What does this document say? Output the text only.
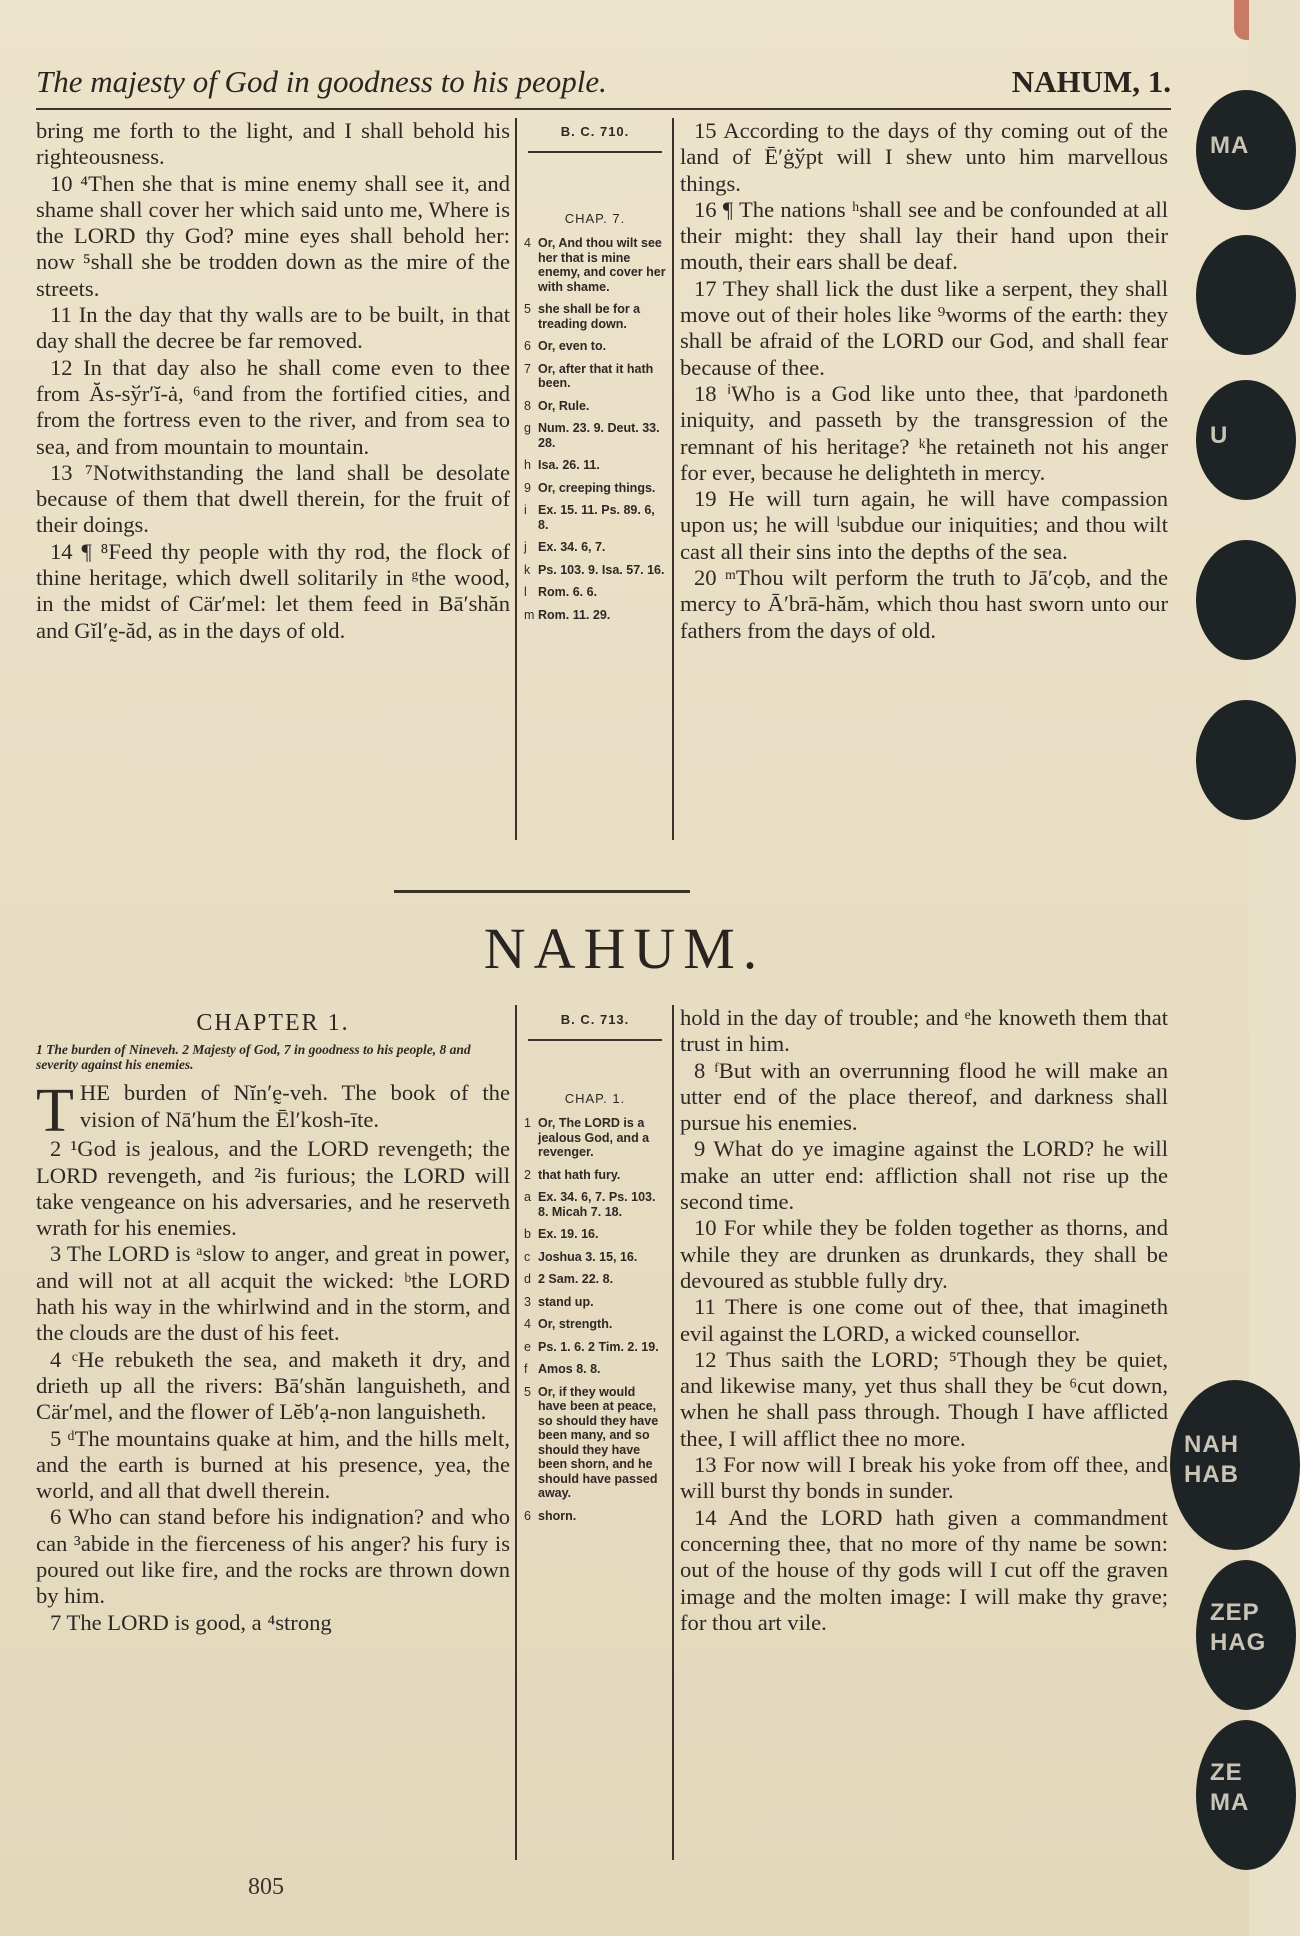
The majesty of God in goodness to his people.	NAHUM, 1.

bring me forth to the light, and I shall behold his righteousness.

10 ⁴Then she that is mine enemy shall see it, and shame shall cover her which said unto me, Where is the LORD thy God? mine eyes shall behold her: now ⁵shall she be trodden down as the mire of the streets.

11 In the day that thy walls are to be built, in that day shall the decree be far removed.

12 In that day also he shall come even to thee from Ăs-sўr′ĭ-ȧ, ⁶and from the fortified cities, and from the fortress even to the river, and from sea to sea, and from mountain to mountain.

13 ⁷Notwithstanding the land shall be desolate because of them that dwell therein, for the fruit of their doings.

14 ¶ ⁸Feed thy people with thy rod, the flock of thine heritage, which dwell solitarily in ᵍthe wood, in the midst of Cär′mel: let them feed in Bā′shăn and Gĭl′ḛ-ăd, as in the days of old.

B. C. 710.
CHAP. 7.
4 Or, And thou wilt see her that is mine enemy, and cover her with shame.
5 she shall be for a treading down.
6 Or, even to.
7 Or, after that it hath been.
8 Or, Rule.
g Num. 23. 9. Deut. 33. 28.
h Isa. 26. 11.
9 Or, creeping things.
i Ex. 15. 11. Ps. 89. 6, 8.
j Ex. 34. 6, 7.
k Ps. 103. 9. Isa. 57. 16.
l Rom. 6. 6.
m Rom. 11. 29.

15 According to the days of thy coming out of the land of Ē′ġўpt will I shew unto him marvellous things.

16 ¶ The nations ʰshall see and be confounded at all their might: they shall lay their hand upon their mouth, their ears shall be deaf.

17 They shall lick the dust like a serpent, they shall move out of their holes like ⁹worms of the earth: they shall be afraid of the LORD our God, and shall fear because of thee.

18 ⁱWho is a God like unto thee, that ʲpardoneth iniquity, and passeth by the transgression of the remnant of his heritage? ᵏhe retaineth not his anger for ever, because he delighteth in mercy.

19 He will turn again, he will have compassion upon us; he will ˡsubdue our iniquities; and thou wilt cast all their sins into the depths of the sea.

20 ᵐThou wilt perform the truth to Jā′cọb, and the mercy to Ā′brā-hăm, which thou hast sworn unto our fathers from the days of old.

NAHUM.
CHAPTER 1.
1 The burden of Nineveh. 2 Majesty of God, 7 in goodness to his people, 8 and severity against his enemies.

T HE burden of Nĭn′ḛ-veh. The book of the vision of Nā′hum the Ēl′kosh-īte.

2 ¹God is jealous, and the LORD revengeth; the LORD revengeth, and ²is furious; the LORD will take vengeance on his adversaries, and he reserveth wrath for his enemies.

3 The LORD is ᵃslow to anger, and great in power, and will not at all acquit the wicked: ᵇthe LORD hath his way in the whirlwind and in the storm, and the clouds are the dust of his feet.

4 ᶜHe rebuketh the sea, and maketh it dry, and drieth up all the rivers: Bā′shăn languisheth, and Cär′mel, and the flower of Lĕb′ạ-non languisheth.

5 ᵈThe mountains quake at him, and the hills melt, and the earth is burned at his presence, yea, the world, and all that dwell therein.

6 Who can stand before his indignation? and who can ³abide in the fierceness of his anger? his fury is poured out like fire, and the rocks are thrown down by him.

7 The LORD is good, a ⁴strong

B. C. 713.
CHAP. 1.
1 Or, The LORD is a jealous God, and a revenger.
2 that hath fury.
a Ex. 34. 6, 7. Ps. 103. 8. Micah 7. 18.
b Ex. 19. 16.
c Joshua 3. 15, 16.
d 2 Sam. 22. 8.
3 stand up.
4 Or, strength.
e Ps. 1. 6. 2 Tim. 2. 19.
f Amos 8. 8.
5 Or, if they would have been at peace, so should they have been many, and so should they have been shorn, and he should have passed away.
6 shorn.

hold in the day of trouble; and ᵉhe knoweth them that trust in him.

8 ᶠBut with an overrunning flood he will make an utter end of the place thereof, and darkness shall pursue his enemies.

9 What do ye imagine against the LORD? he will make an utter end: affliction shall not rise up the second time.

10 For while they be folden together as thorns, and while they are drunken as drunkards, they shall be devoured as stubble fully dry.

11 There is one come out of thee, that imagineth evil against the LORD, a wicked counsellor.

12 Thus saith the LORD; ⁵Though they be quiet, and likewise many, yet thus shall they be ⁶cut down, when he shall pass through. Though I have afflicted thee, I will afflict thee no more.

13 For now will I break his yoke from off thee, and will burst thy bonds in sunder.

14 And the LORD hath given a commandment concerning thee, that no more of thy name be sown: out of the house of thy gods will I cut off the graven image and the molten image: I will make thy grave; for thou art vile.

805
MA
U
NAH HAB
ZEP HAG
ZE MA
